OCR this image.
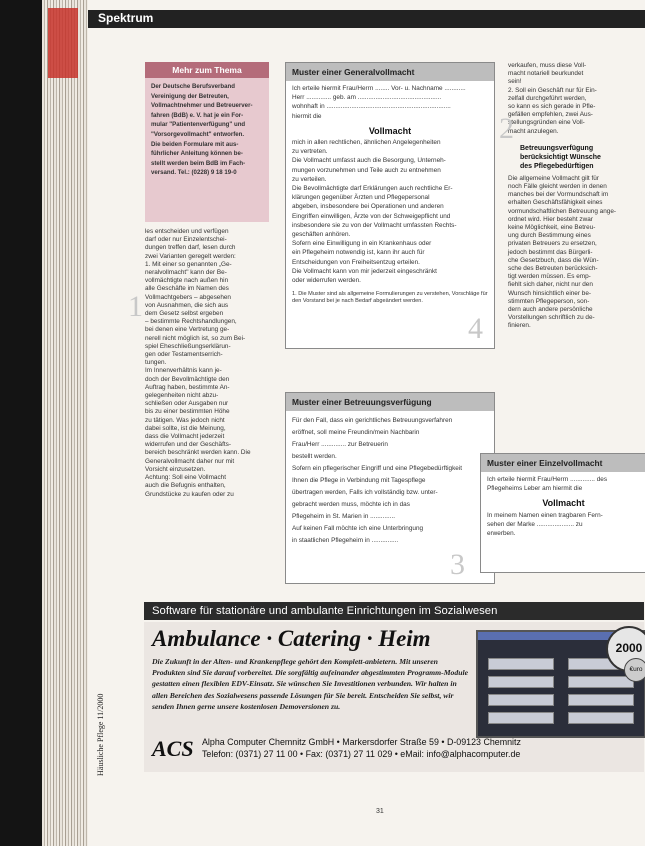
Spektrum
Mehr zum Thema
Der Deutsche Berufsverband
Vereinigung der Betreuten,
Vollmachtnehmer und Betreuerver-
fahren (BdB) e. V. hat je ein For-
mular "Patientenverfügung" und
"Vorsorgevollmacht" entworfen.
Die beiden Formulare mit aus-
führlicher Anleitung können be-
stellt werden beim BdB im Fach-
versand. Tel.: (0228) 9 18 19-0

les entscheiden und verfügen

darf oder nur Einzelentschei-

dungen treffen darf, lesen durch

zwei Varianten geregelt werden:

1. Mit einer so genannten „Ge-

neralvollmacht" kann der Be-

vollmächtigte nach außen hin

alle Geschäfte im Namen des

Vollmachtgebers – abgesehen

von Ausnahmen, die sich aus

dem Gesetz selbst ergeben

– bestimmte Rechtshandlungen,

bei denen eine Vertretung ge-

nerell nicht möglich ist, so zum Bei-

spiel Eheschließungserklärun-

gen oder Testamentserrich-

tungen.

Im Innenverhältnis kann je-

doch der Bevollmächtigte den

Auftrag haben, bestimmte An-

gelegenheiten nicht abzu-

schließen oder Ausgaben nur

bis zu einer bestimmten Höhe

zu tätigen. Was jedoch nicht

dabei sollte, ist die Meinung,

dass die Vollmacht jederzeit

widerrufen und der Geschäfts-

bereich beschränkt werden kann. Die

Generalvollmacht daher nur mit

Vorsicht einzusetzen.

Achtung: Soll eine Vollmacht

auch die Befugnis enthalten,

Grundstücke zu kaufen oder zu

1
Muster einer Generalvollmacht

Ich erteile hiermit Frau/Herrn ........ Vor- u. Nachname ............

Herr .............. geb. am ...............................................

wohnhaft in ......................................................................

hiermit die

Vollmacht

mich in allen rechtlichen, ähnlichen Angelegenheiten

zu vertreten.

Die Vollmacht umfasst auch die Besorgung, Unterneh-

mungen vorzunehmen und Teile auch zu entnehmen

zu verteilen.

Die Bevollmächtigte darf Erklärungen auch rechtliche Er-

klärungen gegenüber Ärzten und Pflegepersonal

abgeben, insbesondere bei Operationen und anderen

Eingriffen einwilligen, Ärzte von der Schweigepflicht und

insbesondere sie zu von der Vollmacht umfassten Rechts-

geschäften anhören.

Sofern eine Einwilligung in ein Krankenhaus oder

ein Pflegeheim notwendig ist, kann ihr auch für

Entscheidungen von Freiheitsentzug erteilen.

Die Vollmacht kann von mir jederzeit eingeschränkt

oder widerrufen werden.

1. Die Muster sind als allgemeine Formulierungen zu verstehen, Vorschläge für den Vorstand bei je nach Bedarf abgeändert werden.

4
Muster einer Betreuungsverfügung

Für den Fall, dass ein gerichtliches Betreuungsverfahren

eröffnet, soll meine Freundin/mein Nachbarin

Frau/Herr .............. zur Betreuerin

bestellt werden.

Sofern ein pflegerischer Eingriff und eine Pflegebedürftigkeit

Ihnen die Pflege in Verbindung mit Tagespflege

übertragen werden, Falls ich vollständig bzw. unter-

gebracht werden muss, möchte ich in das

Pflegeheim in St. Marien in ..............

Auf keinen Fall möchte ich eine Unterbringung

in staatlichen Pflegeheim in ...............

3

verkaufen, muss diese Voll-

macht notariell beurkundet

sein!

2. Soll ein Geschäft nur für Ein-

zelfall durchgeführt werden,

so kann es sich gerade in Pfle-

gefällen empfehlen, zwei Aus-

stellungsgründen eine Voll-

macht anzulegen.

Betreuungsverfügung
berücksichtigt Wünsche
des Pflegebedürftigen

Die allgemeine Vollmacht gilt für

noch Fälle gleicht werden in denen

manches bei der Vormundschaft im

erhalten Geschäftsfähigkeit eines

vormundschaftlichen Betreuung ange-

ordnet wird. Hier besteht zwar

keine Möglichkeit, eine Betreu-

ung durch Bestimmung eines

privaten Betreuers zu ersetzen,

jedoch bestimmt das Bürgerli-

che Gesetzbuch, dass die Wün-

sche des Betreuten berücksich-

tigt werden müssen. Es emp-

fiehlt sich daher, nicht nur den

Wunsch hinsichtlich einer be-

stimmten Pflegeperson, son-

dern auch andere persönliche

Vorstellungen schriftlich zu de-

finieren.

2
Muster einer Einzelvollmacht

Ich erteile hiermit Frau/Herrn .............. des

Pflegeheims Leber am hiermit die

Vollmacht

In meinem Namen einen tragbaren Fern-

sehen der Marke ..................... zu

erwerben.

Software für stationäre und ambulante Einrichtungen im Sozialwesen
Ambulance · Catering · Heim
Die Zukunft in der Alten- und Krankenpflege gehört den Komplett-anbietern. Mit unseren Produkten sind Sie darauf vorbereitet. Die sorgfältig aufeinander abgestimmten Programm-Module gestatten einen flexiblen EDV-Einsatz. Sie wünschen Sie Investitionen verbunden. Wir halten in allen Bereichen des Sozialwesens passende Lösungen für Sie bereit. Entscheiden Sie selbst, wir senden Ihnen gerne unsere kostenlosen Demoversionen zu.
2000
€uro
ACS Alpha Computer Chemnitz GmbH • Markersdorfer Straße 59 • D-09123 Chemnitz
Telefon: (0371) 27 11 00 • Fax: (0371) 27 11 029 • eMail: info@alphacomputer.de
31
Häusliche Pflege 11/2000
